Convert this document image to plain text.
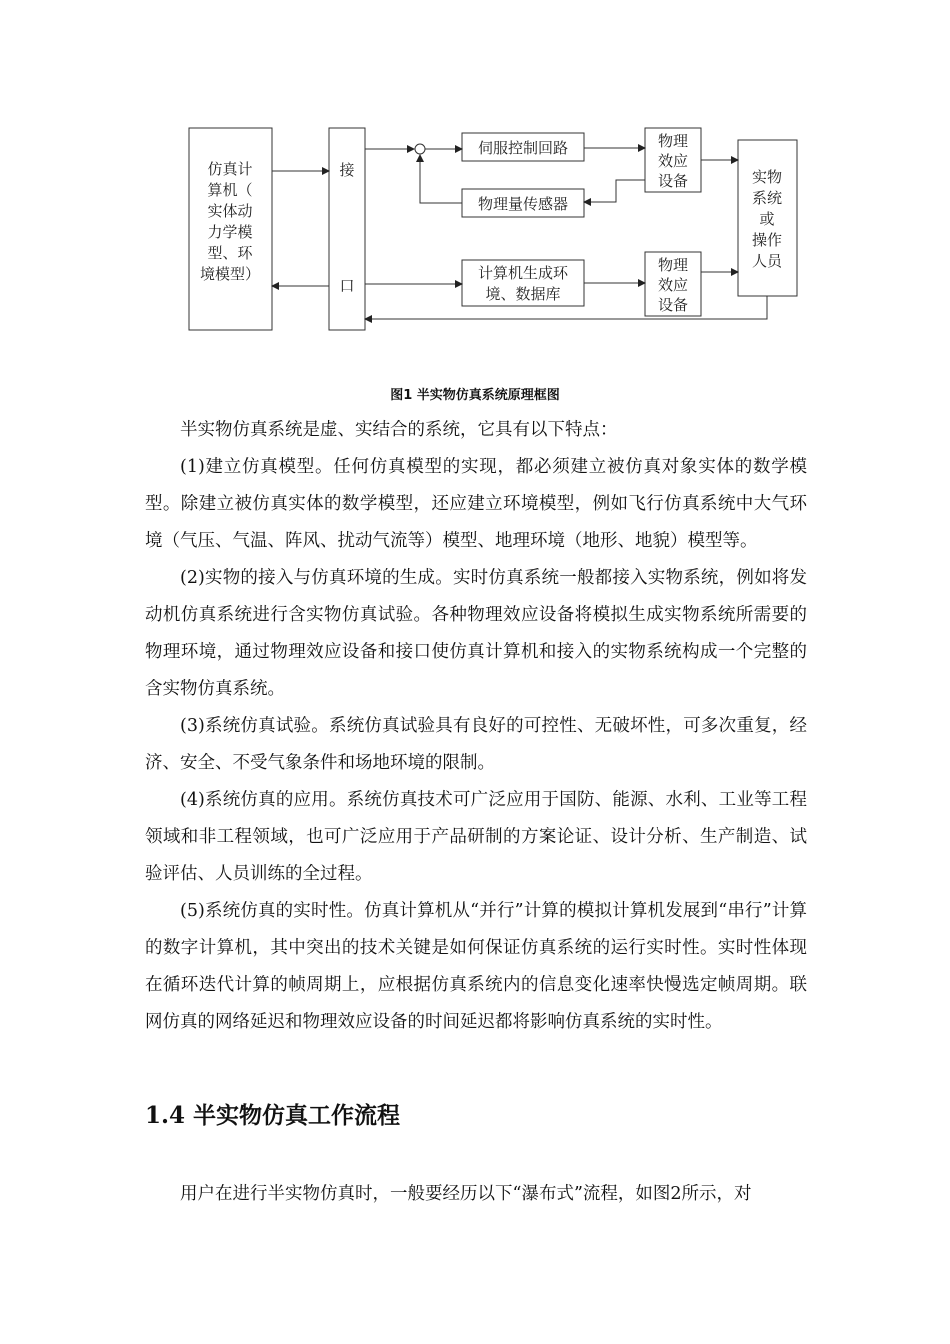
仿真计
算机（
实体动
力学模
型、环
境模型）
接
口
伺服控制回路
物理量传感器
计算机生成环
境、数据库
物理
效应
设备
物理
效应
设备
实物
系统
或
操作
人员
图1 半实物仿真系统原理框图

半实物仿真系统是虚、实结合的系统，它具有以下特点：

(1)建立仿真模型。任何仿真模型的实现，都必须建立被仿真对象实体的数学模型。除建立被仿真实体的数学模型，还应建立环境模型，例如飞行仿真系统中大气环境（气压、气温、阵风、扰动气流等）模型、地理环境（地形、地貌）模型等。

(2)实物的接入与仿真环境的生成。实时仿真系统一般都接入实物系统，例如将发动机仿真系统进行含实物仿真试验。各种物理效应设备将模拟生成实物系统所需要的物理环境，通过物理效应设备和接口使仿真计算机和接入的实物系统构成一个完整的含实物仿真系统。

(3)系统仿真试验。系统仿真试验具有良好的可控性、无破坏性，可多次重复，经济、安全、不受气象条件和场地环境的限制。

(4)系统仿真的应用。系统仿真技术可广泛应用于国防、能源、水利、工业等工程领域和非工程领域，也可广泛应用于产品研制的方案论证、设计分析、生产制造、试验评估、人员训练的全过程。

(5)系统仿真的实时性。仿真计算机从“并行”计算的模拟计算机发展到“串行”计算的数字计算机，其中突出的技术关键是如何保证仿真系统的运行实时性。实时性体现在循环迭代计算的帧周期上，应根据仿真系统内的信息变化速率快慢选定帧周期。联网仿真的网络延迟和物理效应设备的时间延迟都将影响仿真系统的实时性。

1.4 半实物仿真工作流程
用户在进行半实物仿真时，一般要经历以下“瀑布式”流程，如图2所示，对
